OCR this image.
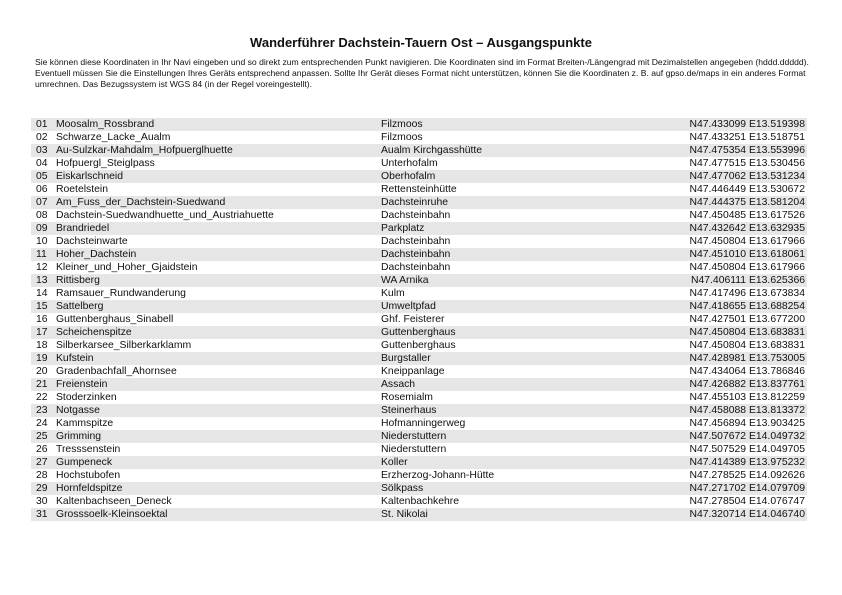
Wanderführer Dachstein-Tauern Ost – Ausgangspunkte

Sie können diese Koordinaten in Ihr Navi eingeben und so direkt zum entsprechenden Punkt navigieren. Die Koordinaten sind im Format Breiten-/Längengrad mit Dezimalstellen angegeben (hddd.ddddd).

Eventuell müssen Sie die Einstellungen Ihres Geräts entsprechend anpassen. Sollte Ihr Gerät dieses Format nicht unterstützen, können Sie die Koordinaten z. B. auf gpso.de/maps in ein anderes Format umrechnen. Das Bezugssystem ist WGS 84 (in der Regel voreingestellt).

01 Moosalm_Rossbrand	Filzmoos	N47.433099 E13.519398
02 Schwarze_Lacke_Aualm	Filzmoos	N47.433251 E13.518751
03 Au-Sulzkar-Mahdalm_Hofpuerglhuette	Aualm Kirchgasshütte	N47.475354 E13.553996
04 Hofpuergl_Steiglpass	Unterhofalm	N47.477515 E13.530456
05 Eiskarlschneid	Oberhofalm	N47.477062 E13.531234
06 Roetelstein	Rettensteinhütte	N47.446449 E13.530672
07 Am_Fuss_der_Dachstein-Suedwand	Dachsteinruhe	N47.444375 E13.581204
08 Dachstein-Suedwandhuette_und_Austriahuette	Dachsteinbahn	N47.450485 E13.617526
09 Brandriedel	Parkplatz	N47.432642 E13.632935
10 Dachsteinwarte	Dachsteinbahn	N47.450804 E13.617966
11 Hoher_Dachstein	Dachsteinbahn	N47.451010 E13.618061
12 Kleiner_und_Hoher_Gjaidstein	Dachsteinbahn	N47.450804 E13.617966
13 Rittisberg	WA Arnika	N47.406111 E13.625366
14 Ramsauer_Rundwanderung	Kulm	N47.417496 E13.673834
15 Sattelberg	Umweltpfad	N47.418655 E13.688254
16 Guttenberghaus_Sinabell	Ghf. Feisterer	N47.427501 E13.677200
17 Scheichenspitze	Guttenberghaus	N47.450804 E13.683831
18 Silberkarsee_Silberkarklamm	Guttenberghaus	N47.450804 E13.683831
19 Kufstein	Burgstaller	N47.428981 E13.753005
20 Gradenbachfall_Ahornsee	Kneippanlage	N47.434064 E13.786846
21 Freienstein	Assach	N47.426882 E13.837761
22 Stoderzinken	Rosemialm	N47.455103 E13.812259
23 Notgasse	Steinerhaus	N47.458088 E13.813372
24 Kammspitze	Hofmanningerweg	N47.456894 E13.903425
25 Grimming	Niederstuttern	N47.507672 E14.049732
26 Tresssenstein	Niederstuttern	N47.507529 E14.049705
27 Gumpeneck	Koller	N47.414389 E13.975232
28 Hochstubofen	Erzherzog-Johann-Hütte	N47.278525 E14.092626
29 Hornfeldspitze	Sölkpass	N47.271702 E14.079709
30 Kaltenbachseen_Deneck	Kaltenbachkehre	N47.278504 E14.076747
31 Grosssoelk-Kleinsoektal	St. Nikolai	N47.320714 E14.046740
